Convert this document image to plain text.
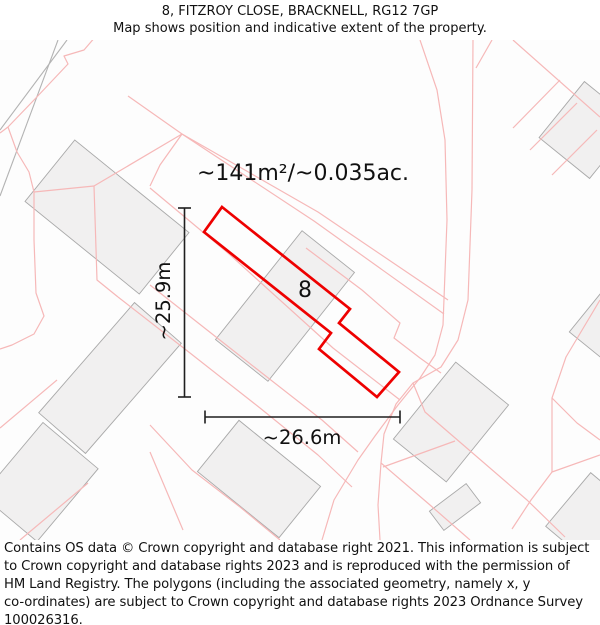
8, FITZROY CLOSE, BRACKNELL, RG12 7GP
Map shows position and indicative extent of the property.
~141m²/~0.035ac.
8
~25.9m
~26.6m
Contains OS data © Crown copyright and database right 2021. This information is subject
to Crown copyright and database rights 2023 and is reproduced with the permission of
HM Land Registry. The polygons (including the associated geometry, namely x, y
co-ordinates) are subject to Crown copyright and database rights 2023 Ordnance Survey
100026316.
